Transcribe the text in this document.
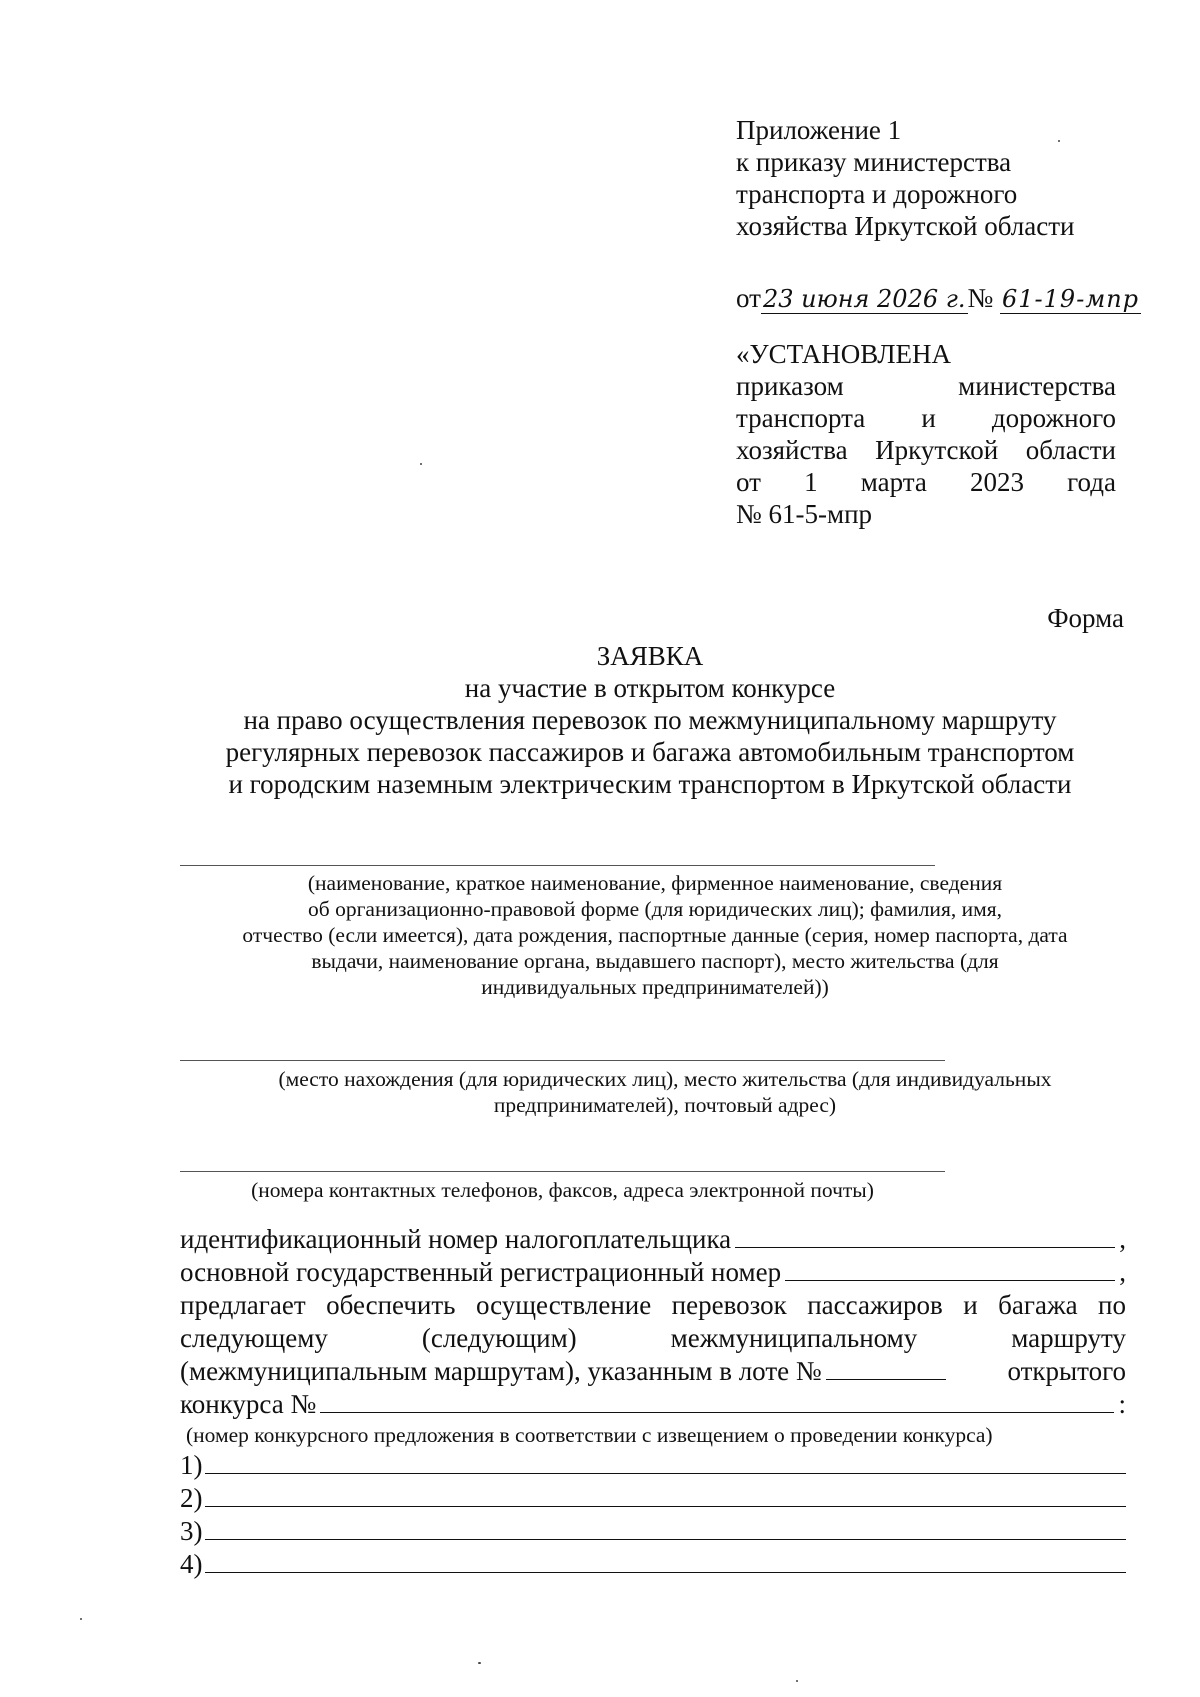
Приложение 1
к приказу министерства
транспорта и дорожного
хозяйства Иркутской области
от23 июня 2026 г.№ 61-19-мпр
«УСТАНОВЛЕНА
приказом министерства
транспорта и дорожного
хозяйства Иркутской области
от 1 марта 2023 года
№ 61-5-мпр
Форма
ЗАЯВКА
на участие в открытом конкурсе
на право осуществления перевозок по межмуниципальному маршруту
регулярных перевозок пассажиров и багажа автомобильным транспортом
и городским наземным электрическим транспортом в Иркутской области
(наименование, краткое наименование, фирменное наименование, сведения
об организационно-правовой форме (для юридических лиц); фамилия, имя,
отчество (если имеется), дата рождения, паспортные данные (серия, номер паспорта, дата
выдачи, наименование органа, выдавшего паспорт), место жительства (для
индивидуальных предпринимателей))
(место нахождения (для юридических лиц), место жительства (для индивидуальных
предпринимателей), почтовый адрес)
(номера контактных телефонов, факсов, адреса электронной почты)
идентификационный номер налогоплательщика	,
основной государственный регистрационный номер	,
предлагает обеспечить осуществление перевозок пассажиров и багажа по
следующему (следующим) межмуниципальному маршруту
(межмуниципальным маршрутам), указанным в лоте №	открытого
конкурса №	:
(номер конкурсного предложения в соответствии с извещением о проведении конкурса)
1)
2)
3)
4)
